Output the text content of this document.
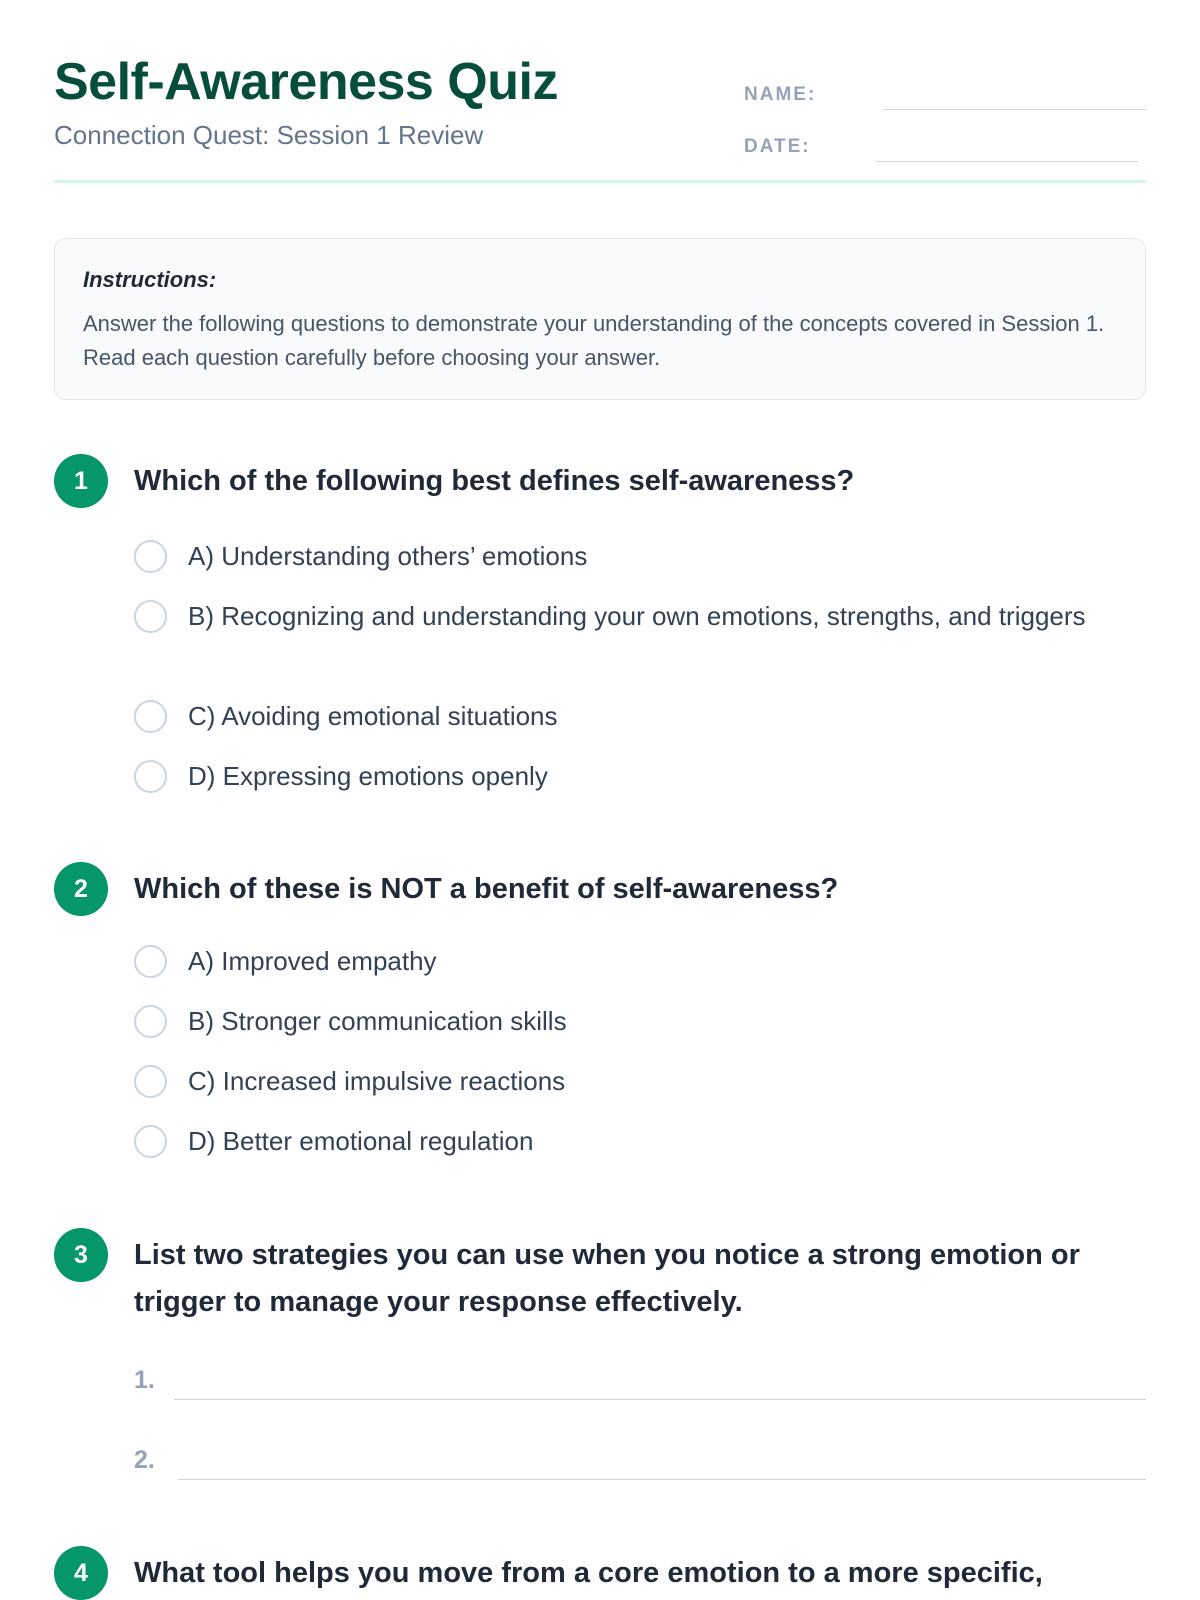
Self-Awareness Quiz
Connection Quest: Session 1 Review
NAME:
DATE:
Instructions:
Answer the following questions to demonstrate your understanding of the concepts covered in Session 1. Read each question carefully before choosing your answer.
1	Which of the following best defines self-awareness?
A) Understanding others’ emotions
B) Recognizing and understanding your own emotions, strengths, and triggers
C) Avoiding emotional situations
D) Expressing emotions openly
2	Which of these is NOT a benefit of self-awareness?
A) Improved empathy
B) Stronger communication skills
C) Increased impulsive reactions
D) Better emotional regulation
3	List two strategies you can use when you notice a strong emotion or trigger to manage your response effectively.
1.
2.
4	What tool helps you move from a core emotion to a more specific,
